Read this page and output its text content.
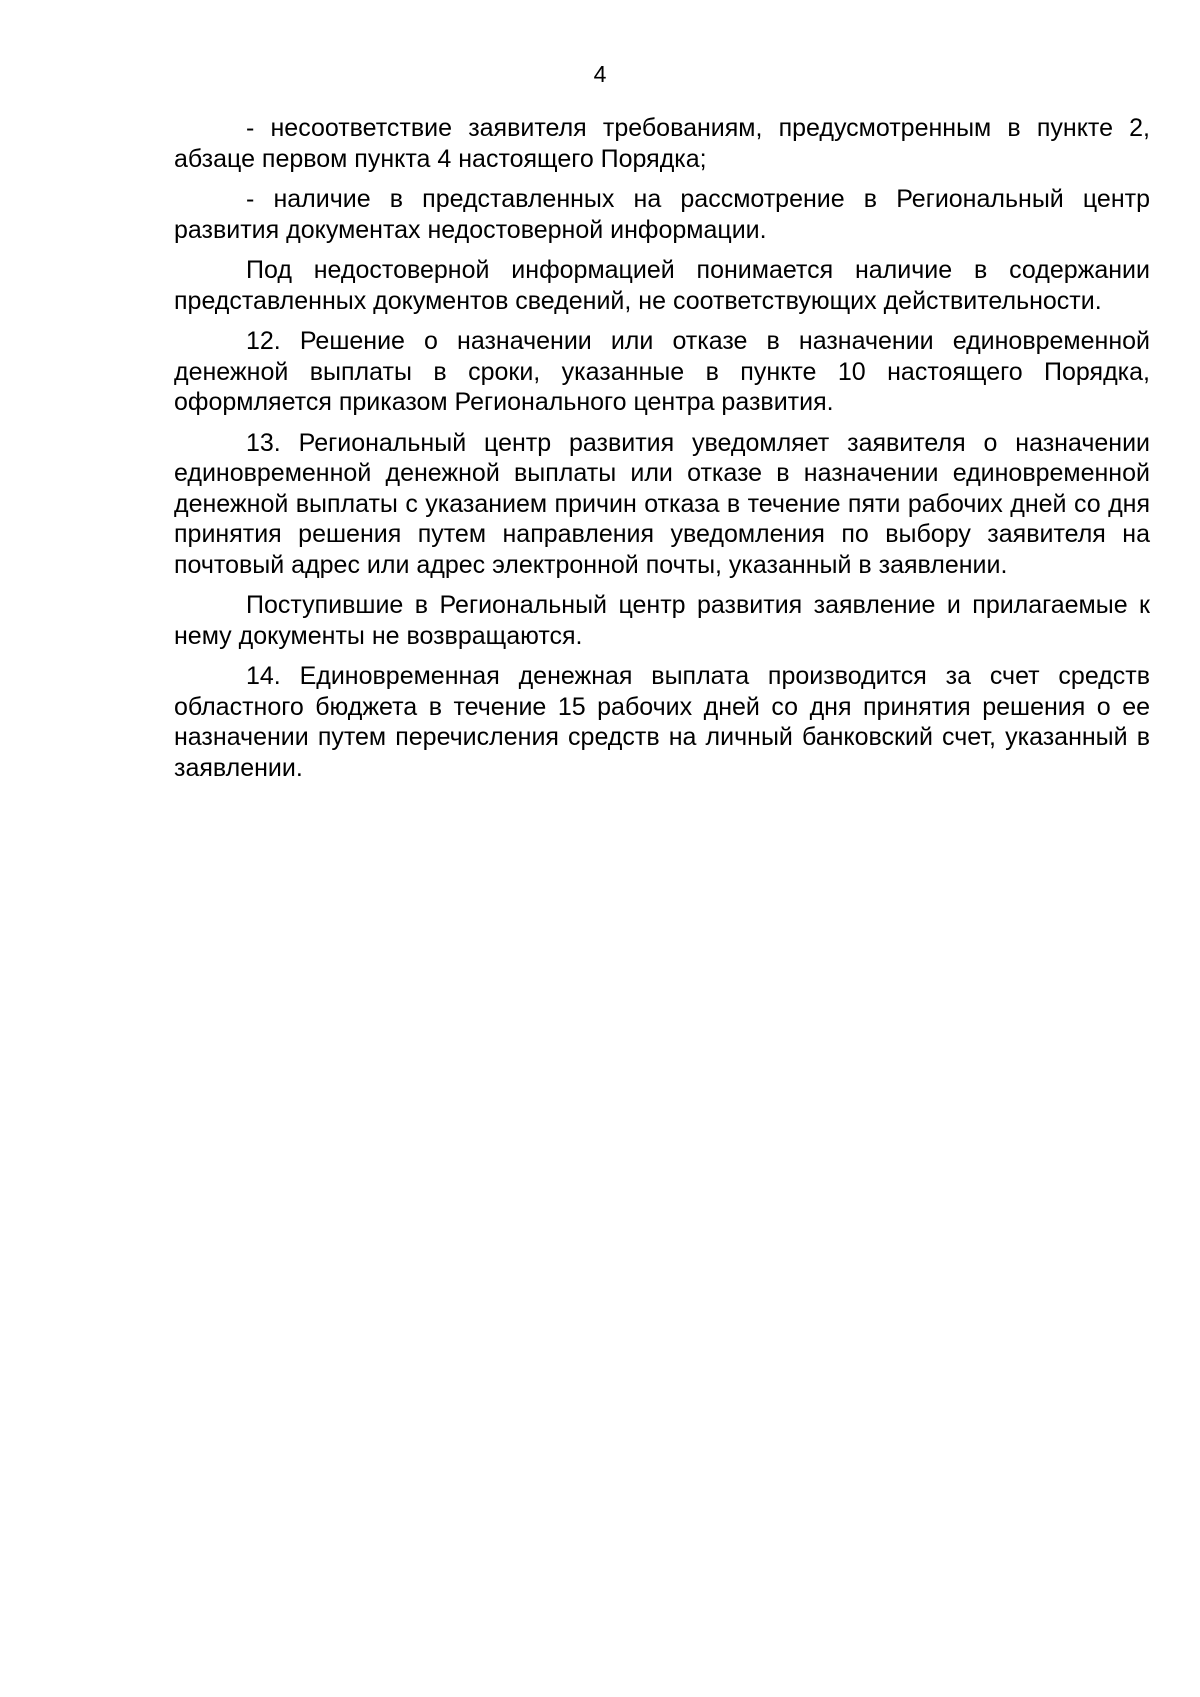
4

- несоответствие заявителя требованиям, предусмотренным в пункте 2, абзаце первом пункта 4 настоящего Порядка;

- наличие в представленных на рассмотрение в Региональный центр развития документах недостоверной информации.

Под недостоверной информацией понимается наличие в содержании представленных документов сведений, не соответствующих действительности.

12. Решение о назначении или отказе в назначении единовременной денежной выплаты в сроки, указанные в пункте 10 настоящего Порядка, оформляется приказом Регионального центра развития.

13. Региональный центр развития уведомляет заявителя о назначении единовременной денежной выплаты или отказе в назначении единовременной денежной выплаты с указанием причин отказа в течение пяти рабочих дней со дня принятия решения путем направления уведомления по выбору заявителя на почтовый адрес или адрес электронной почты, указанный в заявлении.

Поступившие в Региональный центр развития заявление и прилагаемые к нему документы не возвращаются.

14. Единовременная денежная выплата производится за счет средств областного бюджета в течение 15 рабочих дней со дня принятия решения о ее назначении путем перечисления средств на личный банковский счет, указанный в заявлении.
